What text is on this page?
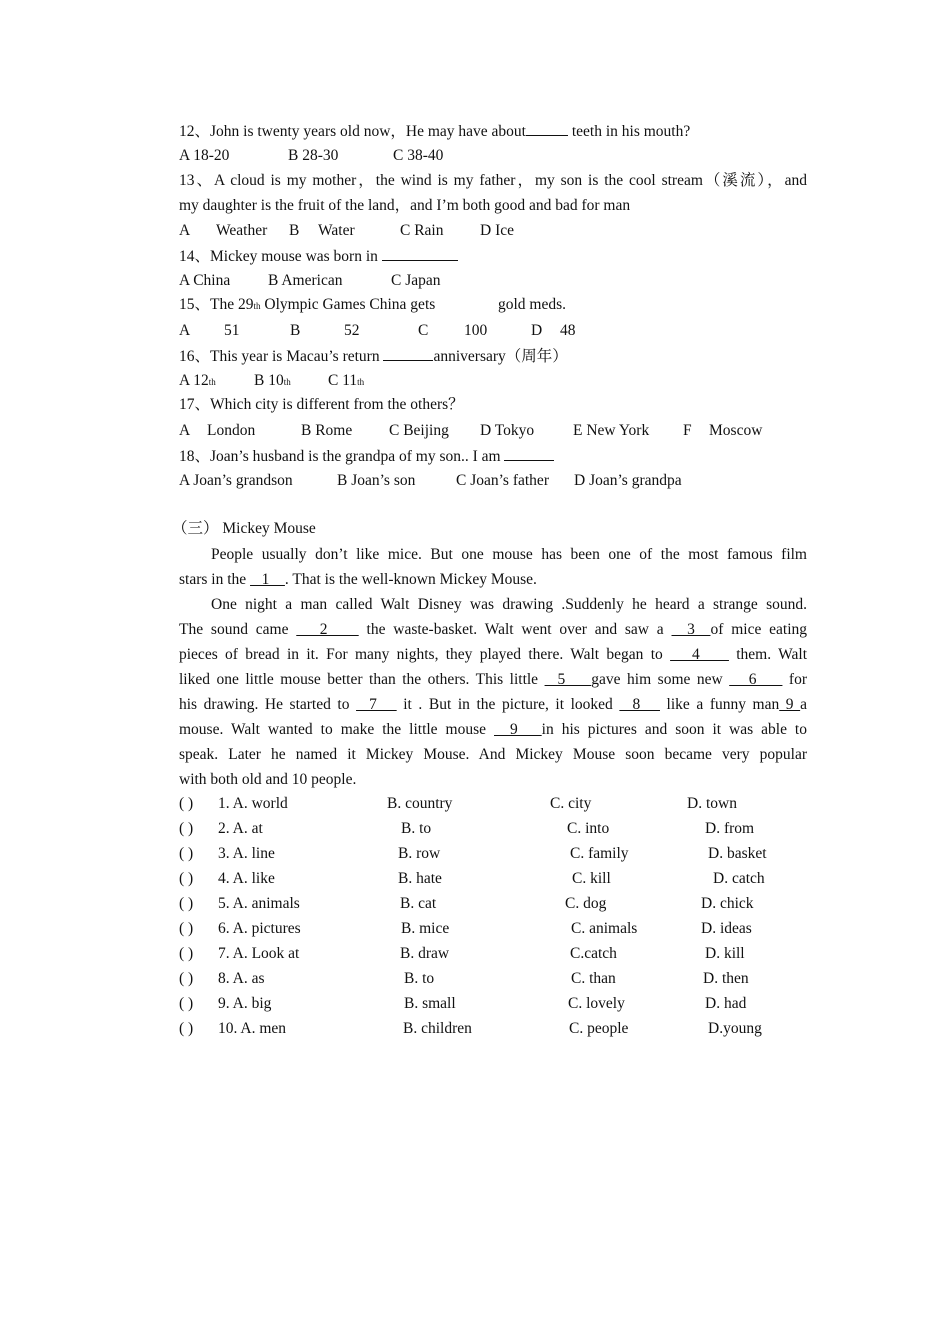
12、John is twenty years old now，He may have about	teeth in his mouth?
A 18-20	B 28-30	C 38-40
13、A cloud is my mother，the wind is my father，my son is the cool stream（溪流），and
my daughter is the fruit of the land，and I’m both good and bad for man
A Weather B Water	C Rain D Ice
14、Mickey mouse was born in
A China B American	C Japan
15、The 29th Olympic Games China gets	gold meds.
A 51	B	52	C 100	D 48
16、This year is Macau’s return	anniversary（周年）
A 12th B 10th C 11th
17、Which city is different from the others？
A London	B Rome C Beijing D Tokyo	E New York F Moscow
18、Joan’s husband is the grandpa of my son.. I am
A Joan’s grandson	B Joan’s son	C Joan’s father D Joan’s grandpa
（三） Mickey Mouse
People usually don’t like mice. But one mouse has been one of the most famous film
stars in the    1    . That is the well-known Mickey Mouse.
One night a man called Walt Disney was drawing .Suddenly he heard a strange sound.
The sound came    2     the waste-basket. Walt went over and saw a   3  of mice eating
pieces of bread in it. For many nights, they played there. Walt began to    4     them. Walt
liked one little mouse better than the others. This little   5    gave him some new    6     for
his drawing. He started to   7    it . But in the picture, it looked   8    like a funny man 9 a
mouse. Walt wanted to make the little mouse   9   in his pictures and soon it was able to
speak. Later he named it Mickey Mouse. And Mickey Mouse soon became very popular
with both old and 10 people.
( ) 1. A. world	B. country	C. city	D. town
( ) 2. A. at	B. to	C. into	D. from
( ) 3. A. line	B. row	C. family	D. basket
( ) 4. A. like	B. hate	C. kill	D. catch
( ) 5. A. animals	B. cat	C. dog	D. chick
( ) 6. A. pictures	B. mice	C. animals	D. ideas
( ) 7. A. Look at	B. draw	C.catch	D. kill
( ) 8. A. as	B. to	C. than	D. then
( ) 9. A. big	B. small	C. lovely	D. had
( ) 10. A. men	B. children	C. people	D.young
